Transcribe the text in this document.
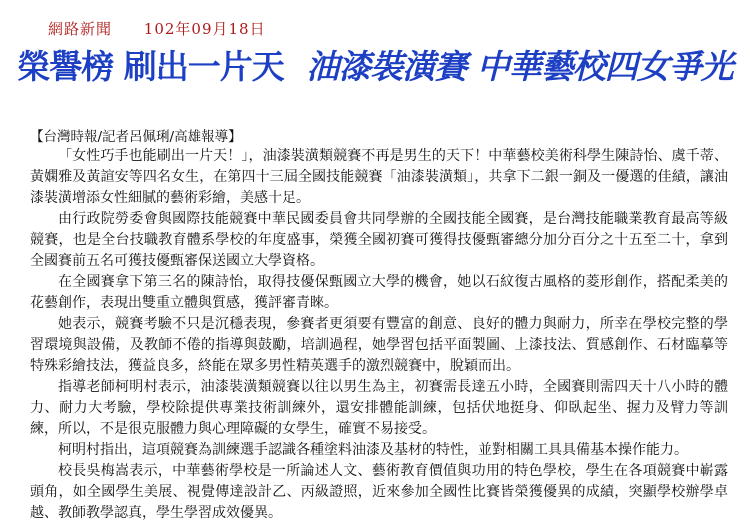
網路新聞 102年09月18日
榮譽榜 刷出一片天 油漆裝潢賽 中華藝校四女爭光
【台灣時報/記者呂佩琍/高雄報導】

「女性巧手也能刷出一片天！」，油漆裝潢類競賽不再是男生的天下！中華藝校美術科學生陳詩怡、虞千蒂、黃嫻雅及黃諠安等四名女生，在第四十三屆全國技能競賽「油漆裝潢類」，共拿下二銀一銅及一優選的佳績，讓油漆裝潢增添女性細膩的藝術彩繪，美感十足。

由行政院勞委會與國際技能競賽中華民國委員會共同學辦的全國技能全國賽，是台灣技能職業教育最高等級競賽，也是全台技職教育體系學校的年度盛事，榮獲全國初賽可獲得技優甄審總分加分百分之十五至二十，拿到全國賽前五名可獲技優甄審保送國立大學資格。

在全國賽拿下第三名的陳詩怡，取得技優保甄國立大學的機會，她以石紋復古風格的菱形創作，搭配柔美的花藝創作，表現出雙重立體與質感，獲評審青睞。

她表示，競賽考驗不只是沉穩表現，參賽者更須要有豐富的創意、良好的體力與耐力，所幸在學校完整的學習環境與設備，及教師不倦的指導與鼓勵，培訓過程，她學習包括平面製圖、上漆技法、質感創作、石材臨摹等特殊彩繪技法，獲益良多，終能在眾多男性精英選手的激烈競賽中，脫穎而出。

指導老師柯明村表示，油漆裝潢類競賽以往以男生為主，初賽需長達五小時，全國賽則需四天十八小時的體力、耐力大考驗，學校除提供專業技術訓練外，還安排體能訓練，包括伏地挺身、仰臥起坐、握力及臂力等訓練，所以，不是很克服體力與心理障礙的女學生，確實不易接受。

柯明村指出，這項競賽為訓練選手認識各種塗料油漆及基材的特性，並對相關工具具備基本操作能力。

校長吳梅嵩表示，中華藝術學校是一所論述人文、藝術教育價值與功用的特色學校，學生在各項競賽中嶄露頭角，如全國學生美展、視覺傳達設計乙、丙級證照，近來參加全國性比賽皆榮獲優異的成績，突顯學校辦學卓越、教師教學認真，學生學習成效優異。
